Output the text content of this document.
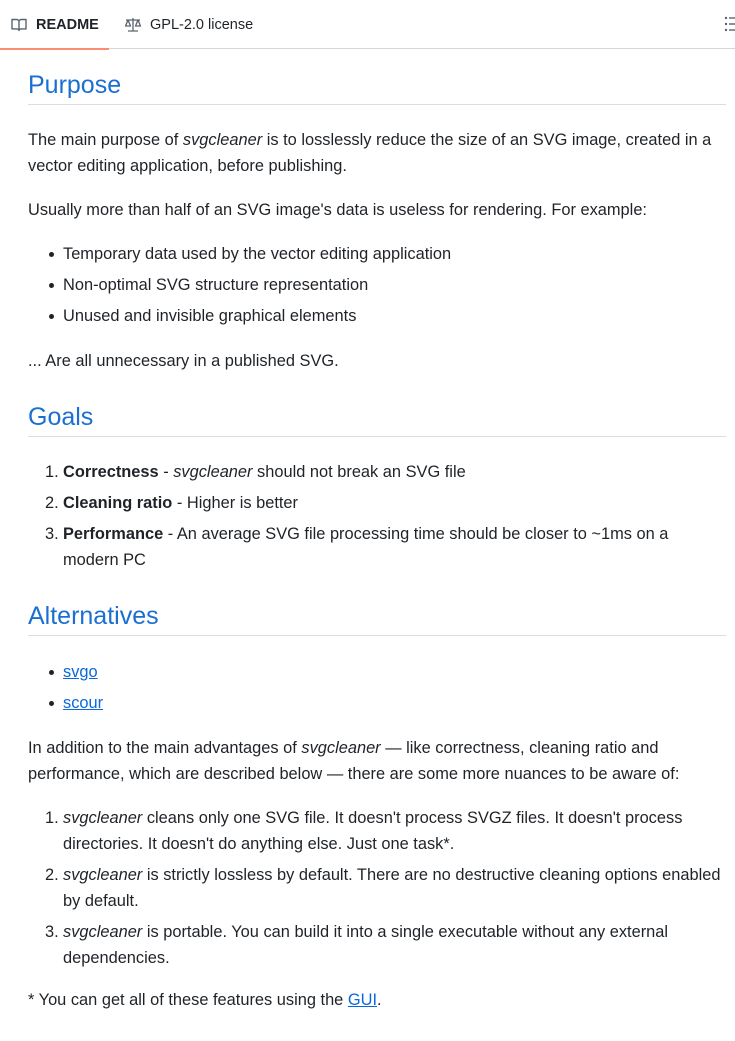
README	GPL-2.0 license
Purpose
The main purpose of svgcleaner is to losslessly reduce the size of an SVG image, created in a vector editing application, before publishing.
Usually more than half of an SVG image's data is useless for rendering. For example:
Temporary data used by the vector editing application
Non-optimal SVG structure representation
Unused and invisible graphical elements
... Are all unnecessary in a published SVG.
Goals
1. Correctness - svgcleaner should not break an SVG file
2. Cleaning ratio - Higher is better
3. Performance - An average SVG file processing time should be closer to ~1ms on a modern PC
Alternatives
svgo
scour
In addition to the main advantages of svgcleaner — like correctness, cleaning ratio and performance, which are described below — there are some more nuances to be aware of:
1. svgcleaner cleans only one SVG file. It doesn't process SVGZ files. It doesn't process directories. It doesn't do anything else. Just one task*.
2. svgcleaner is strictly lossless by default. There are no destructive cleaning options enabled by default.
3. svgcleaner is portable. You can build it into a single executable without any external dependencies.
* You can get all of these features using the GUI.
